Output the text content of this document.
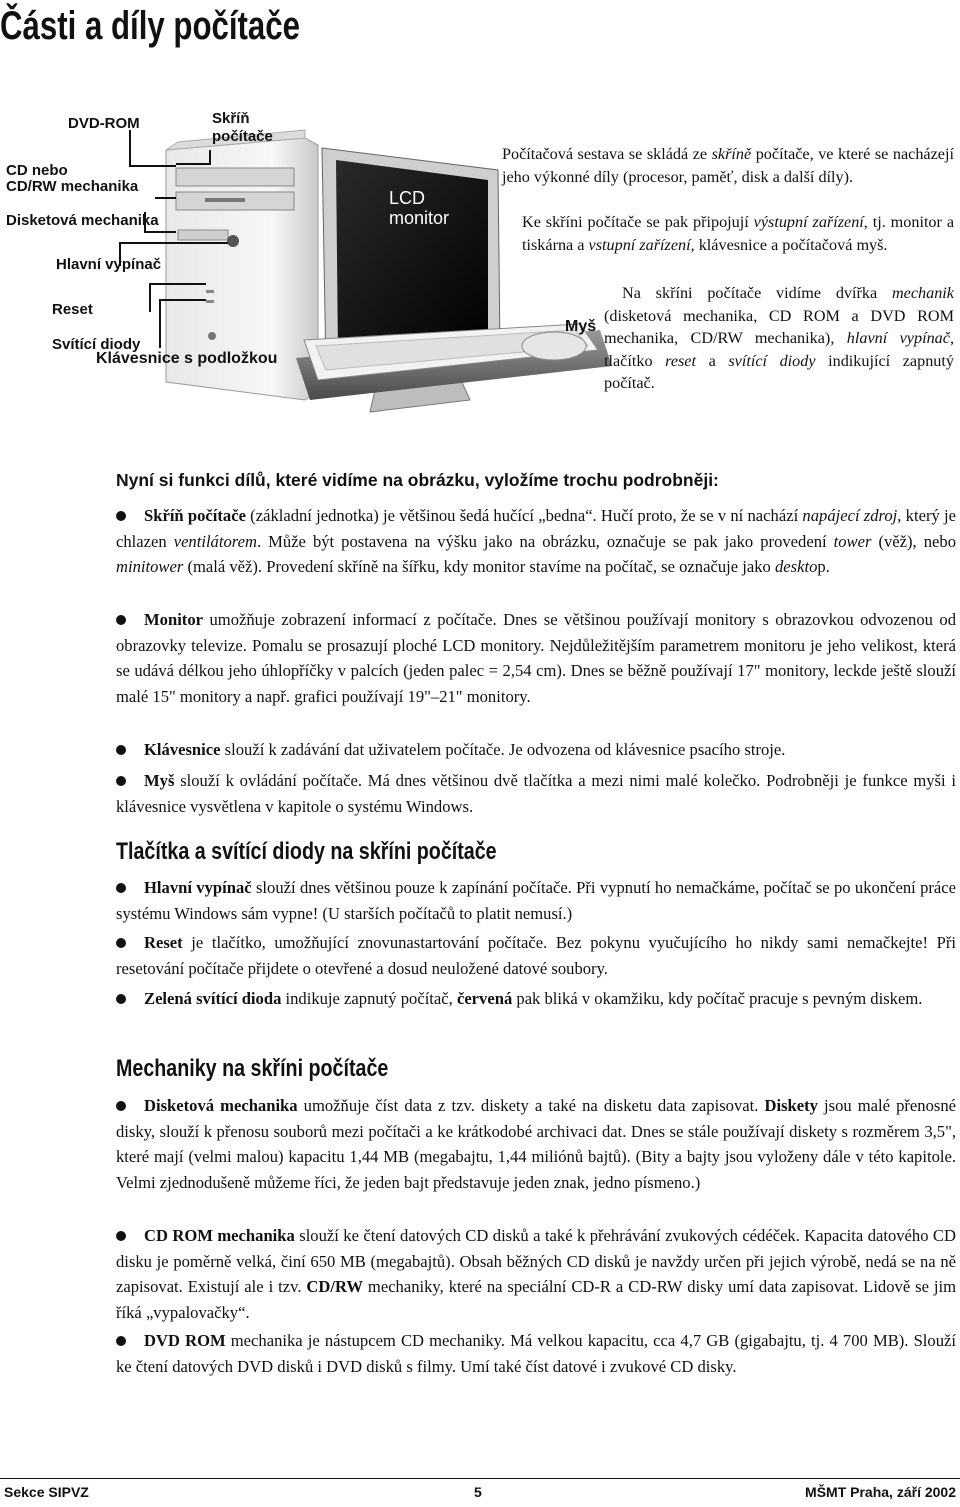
Části a díly počítače
DVD-ROM	Skříň
počítače
CD nebo
CD/RW mechanika
Disketová mechanika
Hlavní vypínač
Reset
Svítící diody
Klávesnice s podložkou
LCD
monitor
Myš
Počítačová sestava se skládá ze skříně počítače, ve které se nacházejí jeho výkonné díly (procesor, paměť, disk a další díly).
Ke skříni počítače se pak připojují výstupní zařízení, tj. monitor a tiskárna a vstupní zařízení, klávesnice a počítačová myš.
Na skříni počítače vidíme dvířka mechanik (disketová mechanika, CD ROM a DVD ROM mechanika, CD/RW mechanika), hlavní vypínač, tlačítko reset a svítící diody indikující zapnutý počítač.
Nyní si funkci dílů, které vidíme na obrázku, vyložíme trochu podrobněji:
Skříň počítače (základní jednotka) je většinou šedá hučící „bedna“. Hučí proto, že se v ní nachází napájecí zdroj, který je chlazen ventilátorem. Může být postavena na výšku jako na obrázku, označuje se pak jako provedení tower (věž), nebo minitower (malá věž). Provedení skříně na šířku, kdy monitor stavíme na počítač, se označuje jako desktop.
Monitor umožňuje zobrazení informací z počítače. Dnes se většinou používají monitory s obrazovkou odvozenou od obrazovky televize. Pomalu se prosazují ploché LCD monitory. Nejdůležitějším parametrem monitoru je jeho velikost, která se udává délkou jeho úhlopříčky v palcích (jeden palec = 2,54 cm). Dnes se běžně používají 17" monitory, leckde ještě slouží malé 15" monitory a např. grafici používají 19"–21" monitory.
Klávesnice slouží k zadávání dat uživatelem počítače. Je odvozena od klávesnice psacího stroje.
Myš slouží k ovládání počítače. Má dnes většinou dvě tlačítka a mezi nimi malé kolečko. Podrobněji je funkce myši i klávesnice vysvětlena v kapitole o systému Windows.
Tlačítka a svítící diody na skříni počítače
Hlavní vypínač slouží dnes většinou pouze k zapínání počítače. Při vypnutí ho nemačkáme, počítač se po ukončení práce systému Windows sám vypne! (U starších počítačů to platit nemusí.)
Reset je tlačítko, umožňující znovunastartování počítače. Bez pokynu vyučujícího ho nikdy sami nemačkejte! Při resetování počítače přijdete o otevřené a dosud neuložené datové soubory.
Zelená svítící dioda indikuje zapnutý počítač, červená pak bliká v okamžiku, kdy počítač pracuje s pevným diskem.
Mechaniky na skříni počítače
Disketová mechanika umožňuje číst data z tzv. diskety a také na disketu data zapisovat. Diskety jsou malé přenosné disky, slouží k přenosu souborů mezi počítači a ke krátkodobé archivaci dat. Dnes se stále používají diskety s rozměrem 3,5", které mají (velmi malou) kapacitu 1,44 MB (megabajtu, 1,44 miliónů bajtů). (Bity a bajty jsou vyloženy dále v této kapitole. Velmi zjednodušeně můžeme říci, že jeden bajt představuje jeden znak, jedno písmeno.)
CD ROM mechanika slouží ke čtení datových CD disků a také k přehrávání zvukových cédéček. Kapacita datového CD disku je poměrně velká, činí 650 MB (megabajtů). Obsah běžných CD disků je navždy určen při jejich výrobě, nedá se na ně zapisovat. Existují ale i tzv. CD/RW mechaniky, které na speciální CD-R a CD-RW disky umí data zapisovat. Lidově se jim říká „vypalovačky“.
DVD ROM mechanika je nástupcem CD mechaniky. Má velkou kapacitu, cca 4,7 GB (gigabajtu, tj. 4 700 MB). Slouží ke čtení datových DVD disků i DVD disků s filmy. Umí také číst datové i zvukové CD disky.
Sekce SIPVZ	5	MŠMT Praha, září 2002
